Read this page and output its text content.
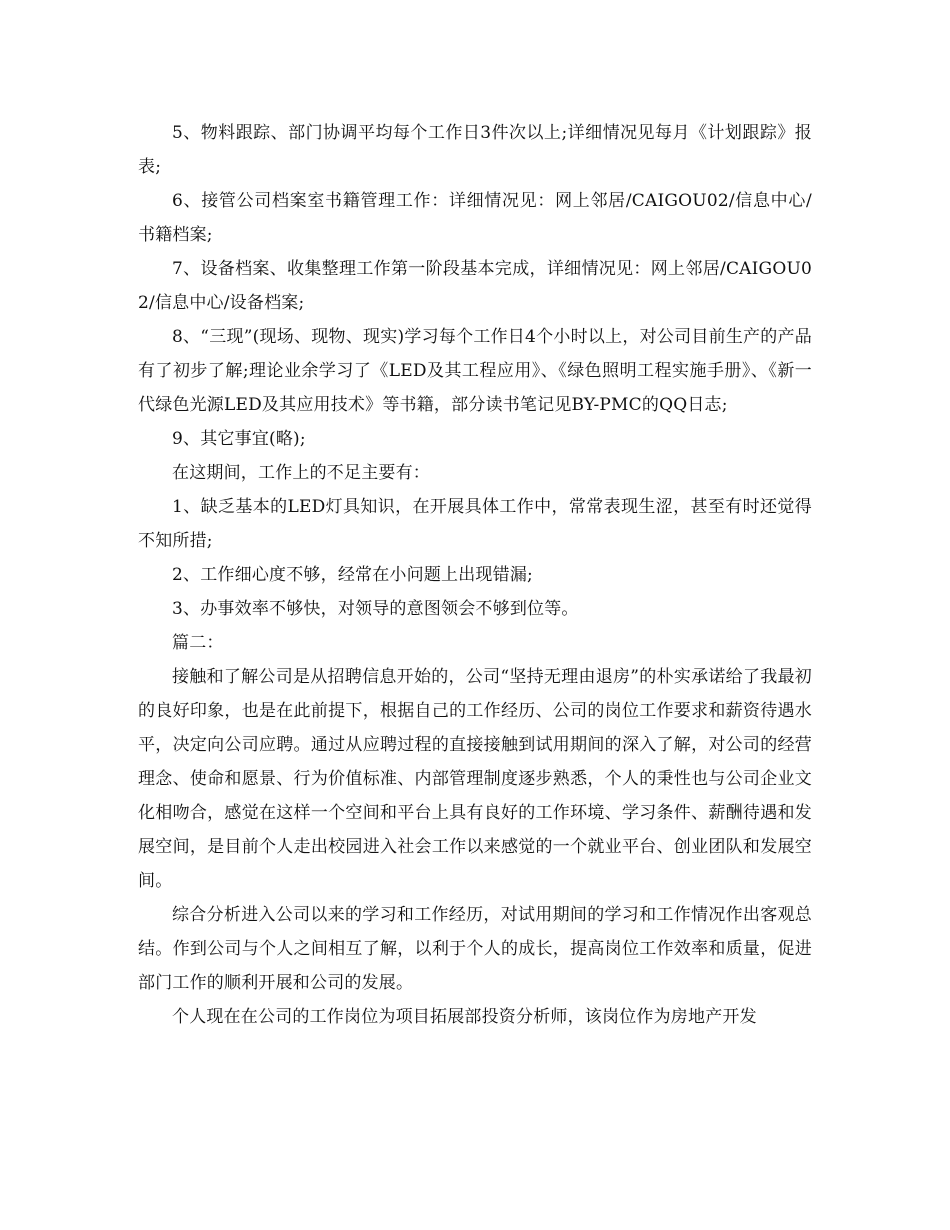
5、物料跟踪、部门协调平均每个工作日3件次以上;详细情况见每月《计划跟踪》报表;

6、接管公司档案室书籍管理工作：详细情况见：网上邻居/CAIGOU02/信息中心/书籍档案;

7、设备档案、收集整理工作第一阶段基本完成，详细情况见：网上邻居/CAIGOU02/信息中心/设备档案;

8、“三现”(现场、现物、现实)学习每个工作日4个小时以上，对公司目前生产的产品有了初步了解;理论业余学习了《LED及其工程应用》、《绿色照明工程实施手册》、《新一代绿色光源LED及其应用技术》等书籍，部分读书笔记见BY-PMC的QQ日志;

9、其它事宜(略);

在这期间，工作上的不足主要有：

1、缺乏基本的LED灯具知识，在开展具体工作中，常常表现生涩，甚至有时还觉得不知所措;

2、工作细心度不够，经常在小问题上出现错漏;

3、办事效率不够快，对领导的意图领会不够到位等。

篇二：

接触和了解公司是从招聘信息开始的，公司“坚持无理由退房”的朴实承诺给了我最初的良好印象，也是在此前提下，根据自己的工作经历、公司的岗位工作要求和薪资待遇水平，决定向公司应聘。通过从应聘过程的直接接触到试用期间的深入了解，对公司的经营理念、使命和愿景、行为价值标准、内部管理制度逐步熟悉，个人的秉性也与公司企业文化相吻合，感觉在这样一个空间和平台上具有良好的工作环境、学习条件、薪酬待遇和发展空间，是目前个人走出校园进入社会工作以来感觉的一个就业平台、创业团队和发展空间。

综合分析进入公司以来的学习和工作经历，对试用期间的学习和工作情况作出客观总结。作到公司与个人之间相互了解，以利于个人的成长，提高岗位工作效率和质量，促进部门工作的顺利开展和公司的发展。

个人现在在公司的工作岗位为项目拓展部投资分析师，该岗位作为房地产开发
